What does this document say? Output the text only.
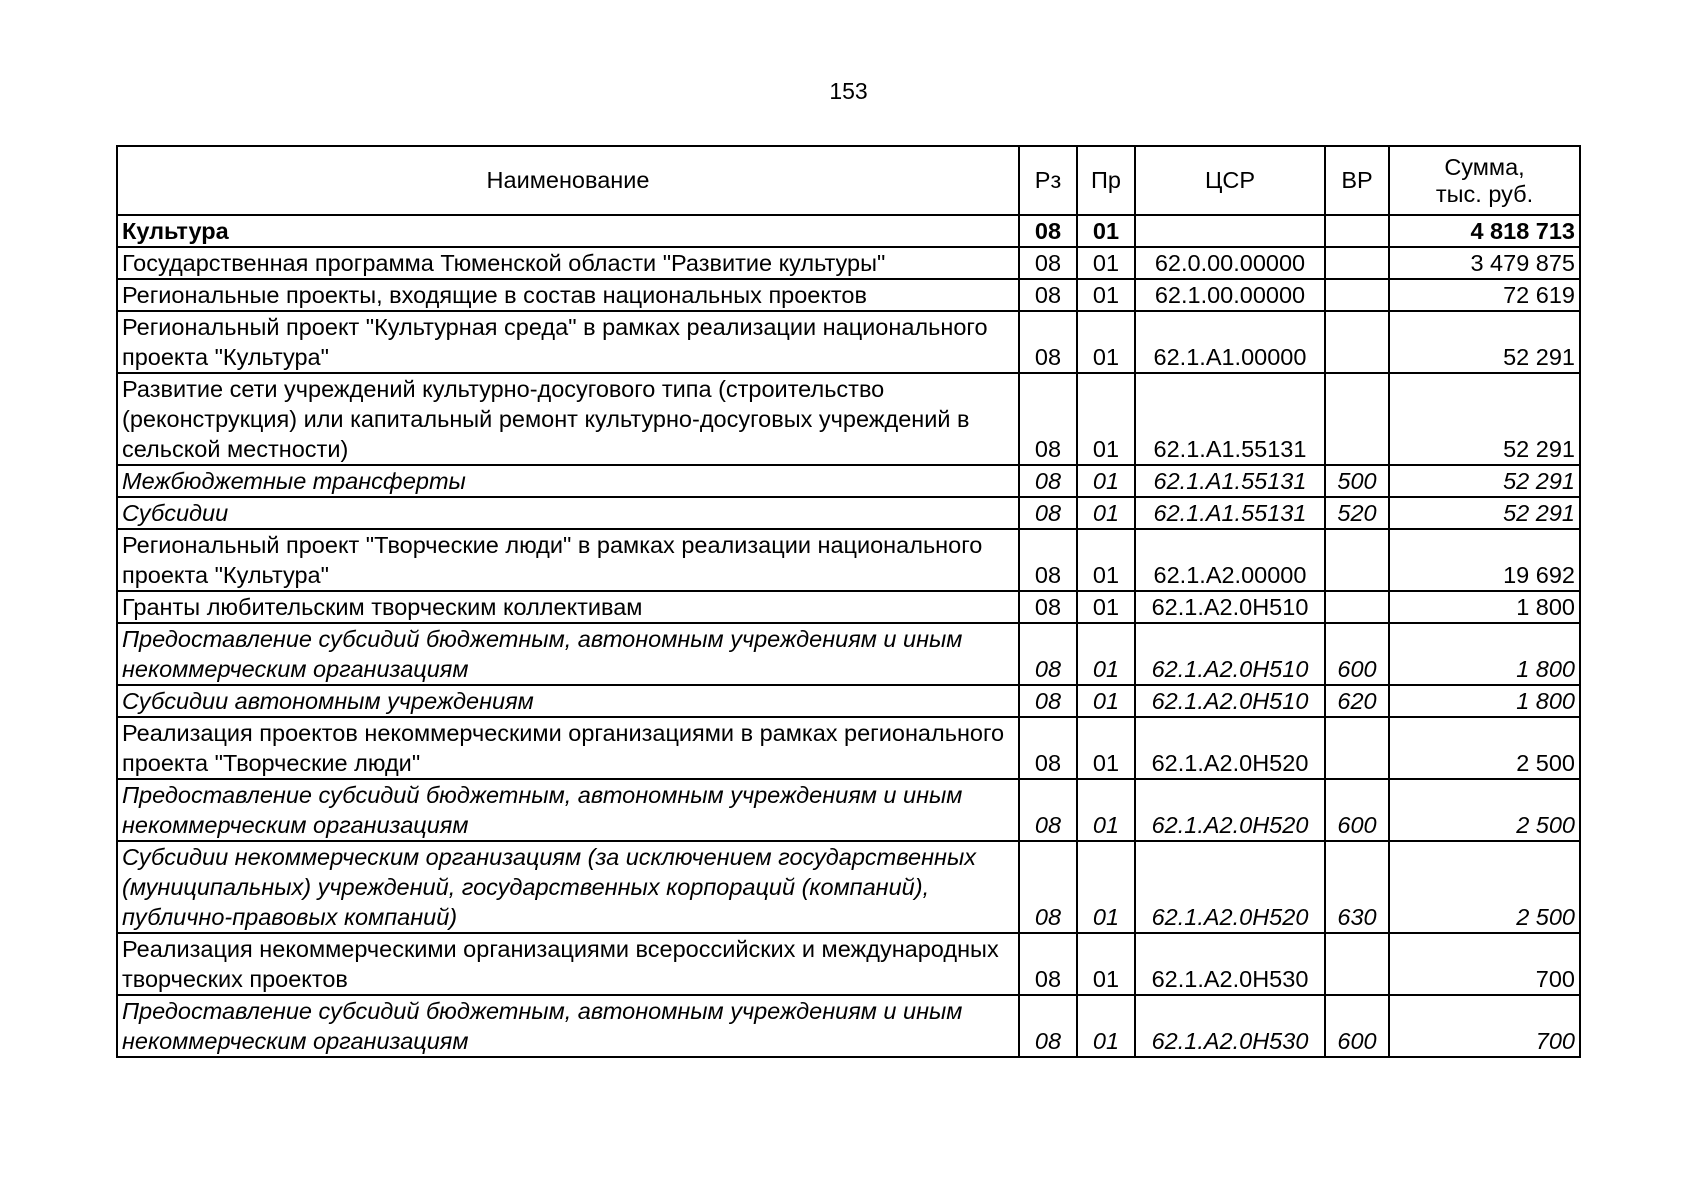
153
Наименование	Рз	Пр	ЦСР	ВР	Сумма,
тыс. руб.
Культура	08	01			4 818 713
Государственная программа Тюменской области "Развитие культуры"	08	01	62.0.00.00000		3 479 875
Региональные проекты, входящие в состав национальных проектов	08	01	62.1.00.00000		72 619
Региональный проект "Культурная среда" в рамках реализации национального проекта "Культура"	08	01	62.1.А1.00000		52 291
Развитие сети учреждений культурно-досугового типа (строительство (реконструкция) или капитальный ремонт культурно-досуговых учреждений в сельской местности)	08	01	62.1.А1.55131		52 291
Межбюджетные трансферты	08	01	62.1.А1.55131	500	52 291
Субсидии	08	01	62.1.А1.55131	520	52 291
Региональный проект "Творческие люди" в рамках реализации национального проекта "Культура"	08	01	62.1.А2.00000		19 692
Гранты любительским творческим коллективам	08	01	62.1.А2.0Н510		1 800
Предоставление субсидий бюджетным, автономным учреждениям и иным некоммерческим организациям	08	01	62.1.А2.0Н510	600	1 800
Субсидии автономным учреждениям	08	01	62.1.А2.0Н510	620	1 800
Реализация проектов некоммерческими организациями в рамках регионального проекта "Творческие люди"	08	01	62.1.А2.0Н520		2 500
Предоставление субсидий бюджетным, автономным учреждениям и иным некоммерческим организациям	08	01	62.1.А2.0Н520	600	2 500
Субсидии некоммерческим организациям (за исключением государственных (муниципальных) учреждений, государственных корпораций (компаний), публично-правовых компаний)	08	01	62.1.А2.0Н520	630	2 500
Реализация некоммерческими организациями всероссийских и международных творческих проектов	08	01	62.1.А2.0Н530		700
Предоставление субсидий бюджетным, автономным учреждениям и иным некоммерческим организациям	08	01	62.1.А2.0Н530	600	700
